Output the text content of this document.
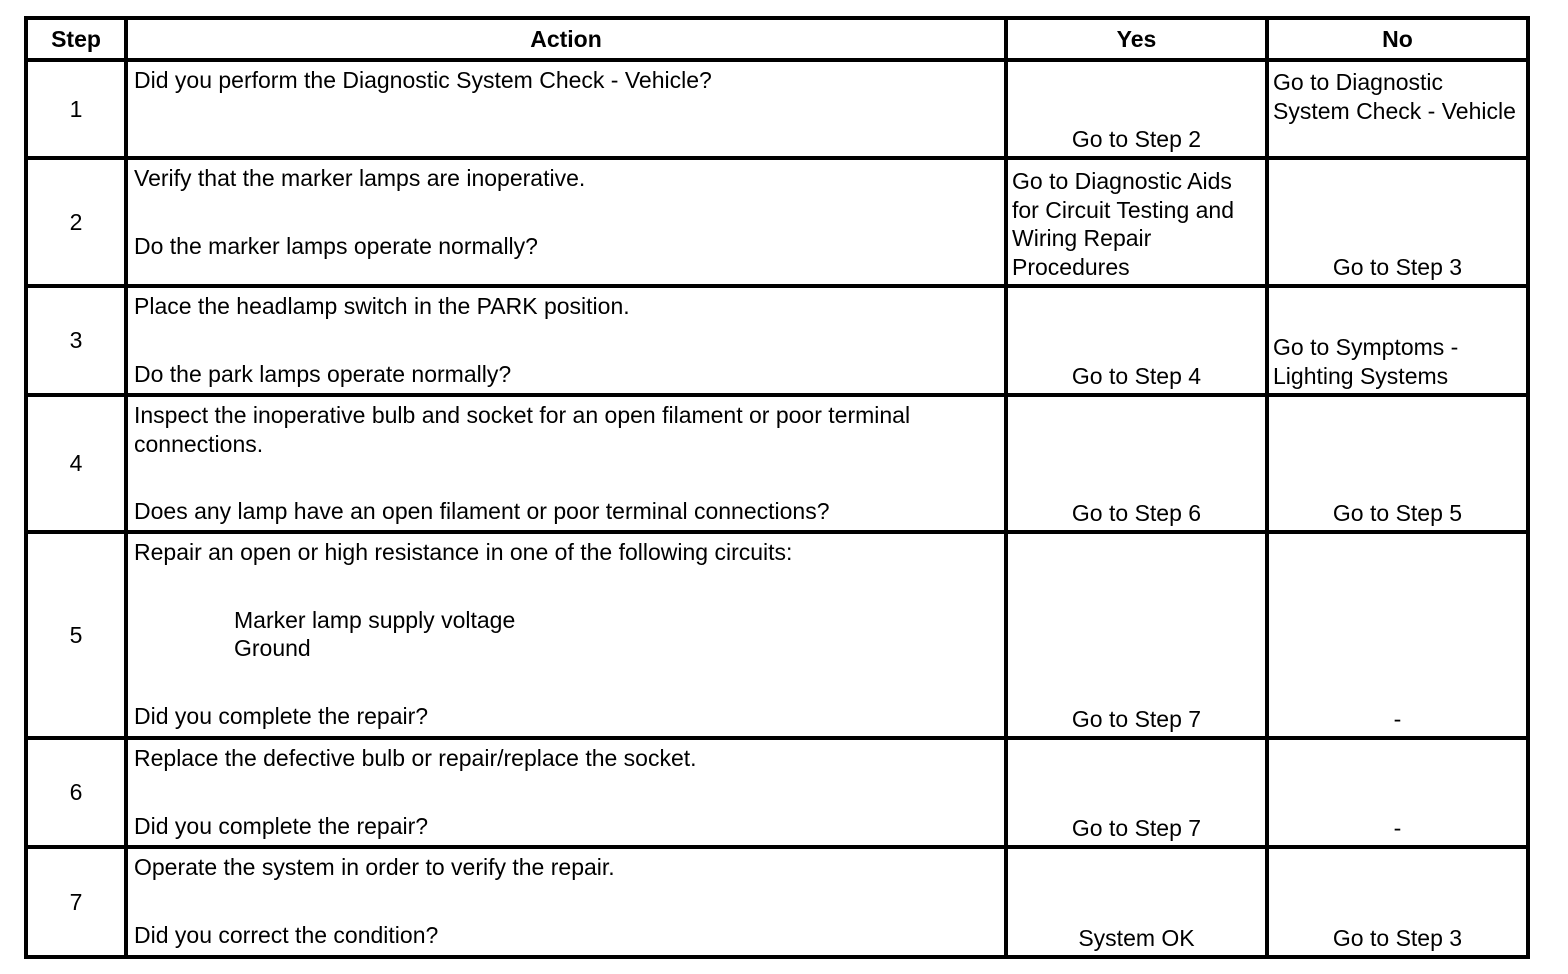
Step	Action	Yes	No
1	Did you perform the Diagnostic System Check - Vehicle?	Go to Step 2	Go to Diagnostic System Check - Vehicle
2	Verify that the marker lamps are inoperative.
Do the marker lamps operate normally?	Go to Diagnostic Aids for Circuit Testing and Wiring Repair Procedures	Go to Step 3
3	Place the headlamp switch in the PARK position.
Do the park lamps operate normally?	Go to Step 4	Go to Symptoms - Lighting Systems
4	Inspect the inoperative bulb and socket for an open filament or poor terminal connections.
Does any lamp have an open filament or poor terminal connections?	Go to Step 6	Go to Step 5
5	Repair an open or high resistance in one of the following circuits:
Marker lamp supply voltage
Ground
Did you complete the repair?	Go to Step 7	-
6	Replace the defective bulb or repair/replace the socket.
Did you complete the repair?	Go to Step 7	-
7	Operate the system in order to verify the repair.
Did you correct the condition?	System OK	Go to Step 3
